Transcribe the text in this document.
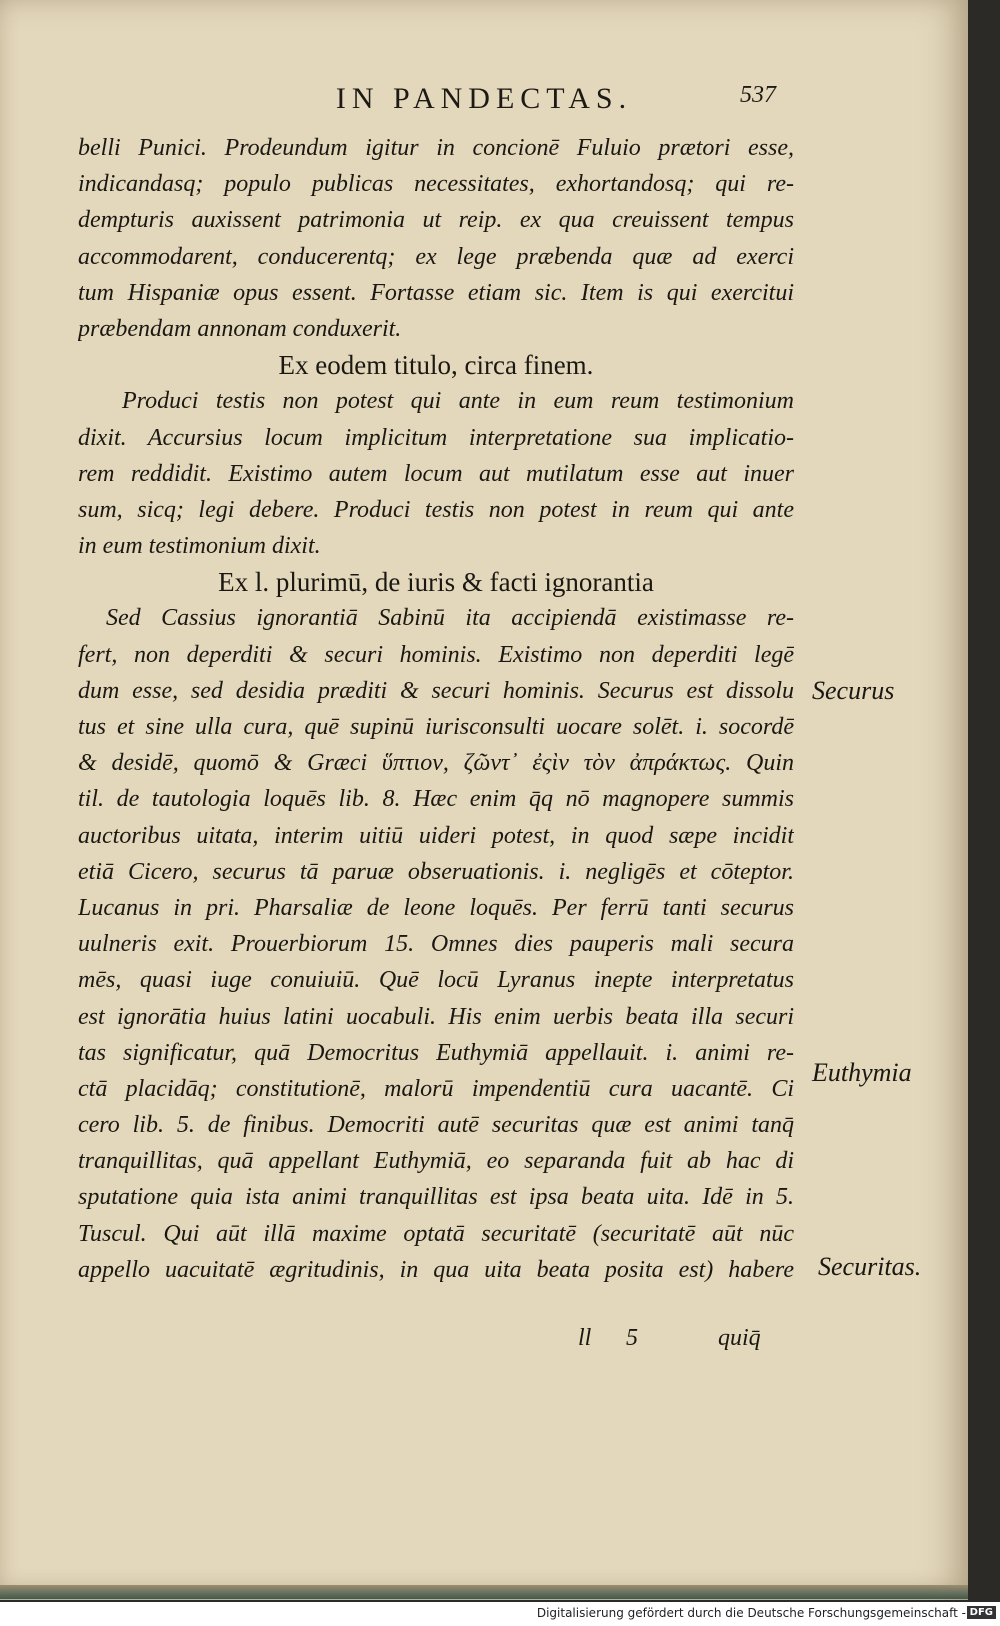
IN PANDECTAS.	537
belli Punici. Prodeundum igitur in concionē Fuluio prætori esse,
indicandasq; populo publicas necessitates, exhortandosq; qui re-
dempturis auxissent patrimonia ut reip. ex qua creuissent tempus
accommodarent, conducerentq; ex lege præbenda quæ ad exerci
tum Hispaniæ opus essent. Fortasse etiam sic. Item is qui exercitui
præbendam annonam conduxerit.
Ex eodem titulo, circa finem.
Produci testis non potest qui ante in eum reum testimonium
dixit. Accursius locum implicitum interpretatione sua implicatio-
rem reddidit. Existimo autem locum aut mutilatum esse aut inuer
sum, sicq; legi debere. Produci testis non potest in reum qui ante
in eum testimonium dixit.
Ex l. plurimū, de iuris & facti ignorantia
Sed Cassius ignorantiā Sabinū ita accipiendā existimasse re-
fert, non deperditi & securi hominis. Existimo non deperditi legē
dum esse, sed desidia præditi & securi hominis. Securus est dissolu
tus et sine ulla cura, quē supinū iurisconsulti uocare solēt. i. socordē
& desidē, quomō & Græci ὕπτιον, ζῶντ᾽ ἐςὶν τὸν ἀπράκτως. Quin
til. de tautologia loquēs lib. 8. Hæc enim q̄q nō magnopere summis
auctoribus uitata, interim uitiū uideri potest, in quod sæpe incidit
etiā Cicero, securus tā paruæ obseruationis. i. negligēs et cōteptor.
Lucanus in pri. Pharsaliæ de leone loquēs. Per ferrū tanti securus
uulneris exit. Prouerbiorum 15. Omnes dies pauperis mali secura
mēs, quasi iuge conuiuiū. Quē locū Lyranus inepte interpretatus
est ignorātia huius latini uocabuli. His enim uerbis beata illa securi
tas significatur, quā Democritus Euthymiā appellauit. i. animi re-
ctā placidāq; constitutionē, malorū impendentiū cura uacantē. Ci
cero lib. 5. de finibus. Democriti autē securitas quæ est animi tanq̄
tranquillitas, quā appellant Euthymiā, eo separanda fuit ab hac di
sputatione quia ista animi tranquillitas est ipsa beata uita. Idē in 5.
Tuscul. Qui aūt illā maxime optatā securitatē (securitatē aūt nūc
appello uacuitatē ægritudinis, in qua uita beata posita est) habere
Securus
Euthymia
Securitas.
ll 5	quiq̄
Digitalisierung gefördert durch die Deutsche Forschungsgemeinschaft - DFG
